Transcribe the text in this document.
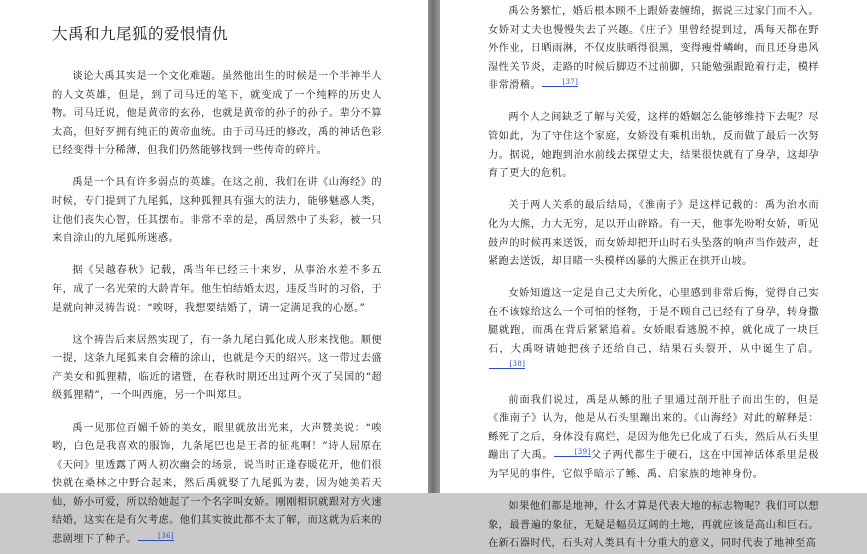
大禹和九尾狐的爱恨情仇

谈论大禹其实是一个文化难题。虽然他出生的时候是一个半神半人的人文英雄，但是，到了司马迁的笔下，就变成了一个纯粹的历史人物。司马迁说，他是黄帝的玄孙，也就是黄帝的孙子的孙子。辈分不算太高，但好歹拥有纯正的黄帝血统。由于司马迁的修改，禹的神话色彩已经变得十分稀薄，但我们仍然能够找到一些传奇的碎片。

禹是一个具有许多弱点的英雄。在这之前，我们在讲《山海经》的时候，专门提到了九尾狐，这种狐狸具有强大的法力，能够魅惑人类，让他们丧失心智，任其摆布。非常不幸的是，禹居然中了头彩，被一只来自涂山的九尾狐所迷惑。

据《吴越春秋》记载，禹当年已经三十来岁，从事治水差不多五年，成了一名光荣的大龄青年。他生怕结婚太迟，违反当时的习俗，于是就向神灵祷告说：“唉呀，我想要结婚了，请一定满足我的心愿。”

这个祷告后来居然实现了，有一条九尾白狐化成人形来找他。顺便一提，这条九尾狐来自会稽的涂山，也就是今天的绍兴。这一带过去盛产美女和狐狸精，临近的诸暨，在春秋时期还出过两个灭了吴国的“超级狐狸精”，一个叫西施，另一个叫郑旦。

禹一见那位百媚千娇的美女，眼里就放出光来，大声赞美说：“唉哟，白色是我喜欢的服饰，九条尾巴也是王者的征兆啊！”诗人屈原在《天问》里透露了两人初次幽会的场景，说当时正逢春暖花开，他们很快就在桑林之中野合起来，然后禹就娶了九尾狐为妻，因为她美若天仙，娇小可爱，所以给她起了一个名字叫女娇。刚刚相识就跟对方火速结婚，这实在是有欠考虑。他们其实彼此都不太了解，而这就为后来的悲剧埋下了种子。	[36]

禹公务繁忙，婚后根本顾不上跟娇妻缠绵，据说三过家门而不入。女娇对丈夫也慢慢失去了兴趣。《庄子》里曾经提到过，禹每天都在野外作业，日晒雨淋，不仅皮肤晒得很黑，变得瘦骨嶙峋，而且还身患风湿性关节炎，走路的时候后脚迈不过前脚，只能勉强跟跄着行走，模样非常滑稽。	[37]

两个人之间缺乏了解与关爱，这样的婚姻怎么能够维持下去呢？尽管如此，为了守住这个家庭，女娇没有乘机出轨，反而做了最后一次努力。据说，她跑到治水前线去探望丈夫，结果很快就有了身孕，这却孕育了更大的危机。

关于两人关系的最后结局，《淮南子》是这样记载的：禹为治水而化为大熊，力大无穷，足以开山辟路。有一天，他事先吩咐女娇，听见鼓声的时候再来送饭，而女娇却把开山时石头坠落的响声当作鼓声，赶紧跑去送饭，却目睹一头模样凶暴的大熊正在拱开山坡。

女娇知道这一定是自己丈夫所化，心里感到非常后悔，觉得自己实在不该嫁给这么一个可怕的怪物，于是不顾自己已经有了身孕，转身撒腿就跑，而禹在背后紧紧追着。女娇眼看逃脱不掉，就化成了一块巨石，大禹呀请她把孩子还给自己，结果石头裂开，从中诞生了启。[38]

前面我们说过，禹是从鲧的肚子里通过剖开肚子而出生的，但是《淮南子》认为，他是从石头里蹦出来的。《山海经》对此的解释是：鲧死了之后，身体没有腐烂，是因为他先已化成了石头，然后从石头里蹦出了大禹。	[39]父子两代都生于硬石，这在中国神话体系里是极为罕见的事件，它似乎暗示了鲧、禹、启家族的地神身份。

如果他们都是地神，什么才算是代表大地的标志物呢？我们可以想象，最普遍的象征，无疑是幅员辽阔的土地，再就应该是高山和巨石。在新石器时代，石头对人类具有十分重大的意义，同时代表了地神至高
